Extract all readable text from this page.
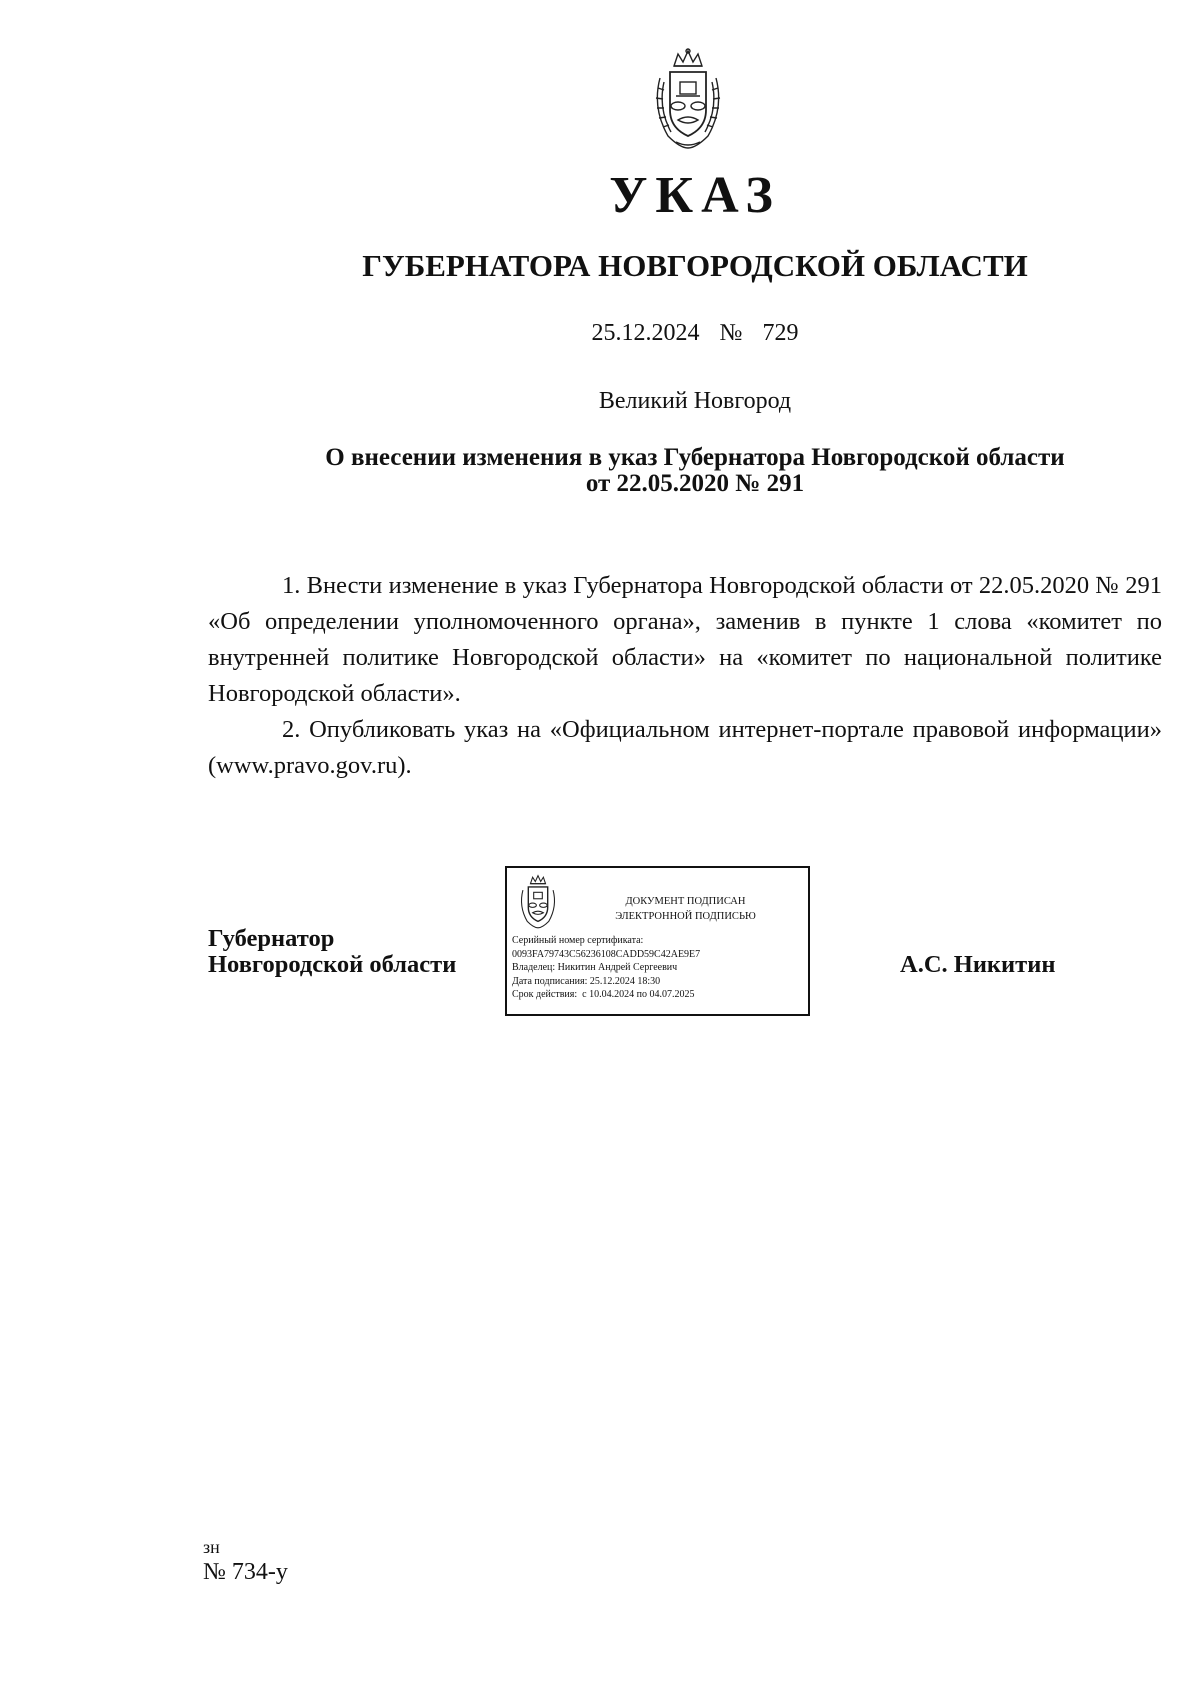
УКАЗ
ГУБЕРНАТОРА НОВГОРОДСКОЙ ОБЛАСТИ
25.12.2024  №  729
Великий Новгород
О внесении изменения в указ Губернатора Новгородской области
от 22.05.2020 № 291

1. Внести изменение в указ Губернатора Новгородской области от 22.05.2020 № 291 «Об определении уполномоченного органа», заменив в пункте 1 слова «комитет по внутренней политике Новгородской области» на «комитет по национальной политике Новгородской области».

2. Опубликовать указ на «Официальном интернет-портале правовой информации» (www.pravo.gov.ru).

Губернатор
Новгородской области
ДОКУМЕНТ ПОДПИСАН
ЭЛЕКТРОННОЙ ПОДПИСЬЮ
Серийный номер сертификата:
0093FA79743C56236108CADD59C42AE9E7
Владелец: Никитин Андрей Сергеевич
Дата подписания: 25.12.2024 18:30
Срок действия:  с 10.04.2024 по 04.07.2025
А.С. Никитин
зн
№ 734-у
